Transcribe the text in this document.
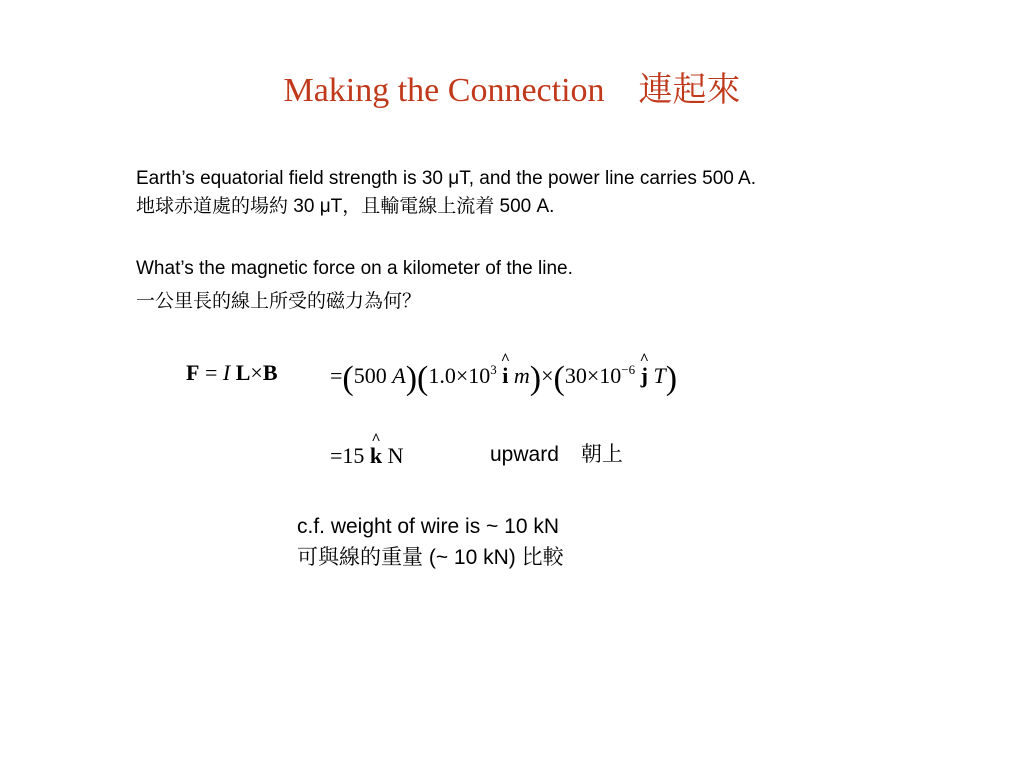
Making the Connection    連起來
Earth’s equatorial field strength is 30 μT, and the power line carries 500 A.
地球赤道處的場約 30 μT，且輸電線上流着 500 A.
What’s the magnetic force on a kilometer of the line.
一公里長的線上所受的磁力為何？
F = I L×B =(500 $A)(1.0\times 10^3$ ^ i $m)\times(30\times 10^{-6}$ ^ j T)
=15 ^ k N	upward 朝上
c.f. weight of wire is ~ 10 kN
可與線的重量 (~ 10 kN) 比較
